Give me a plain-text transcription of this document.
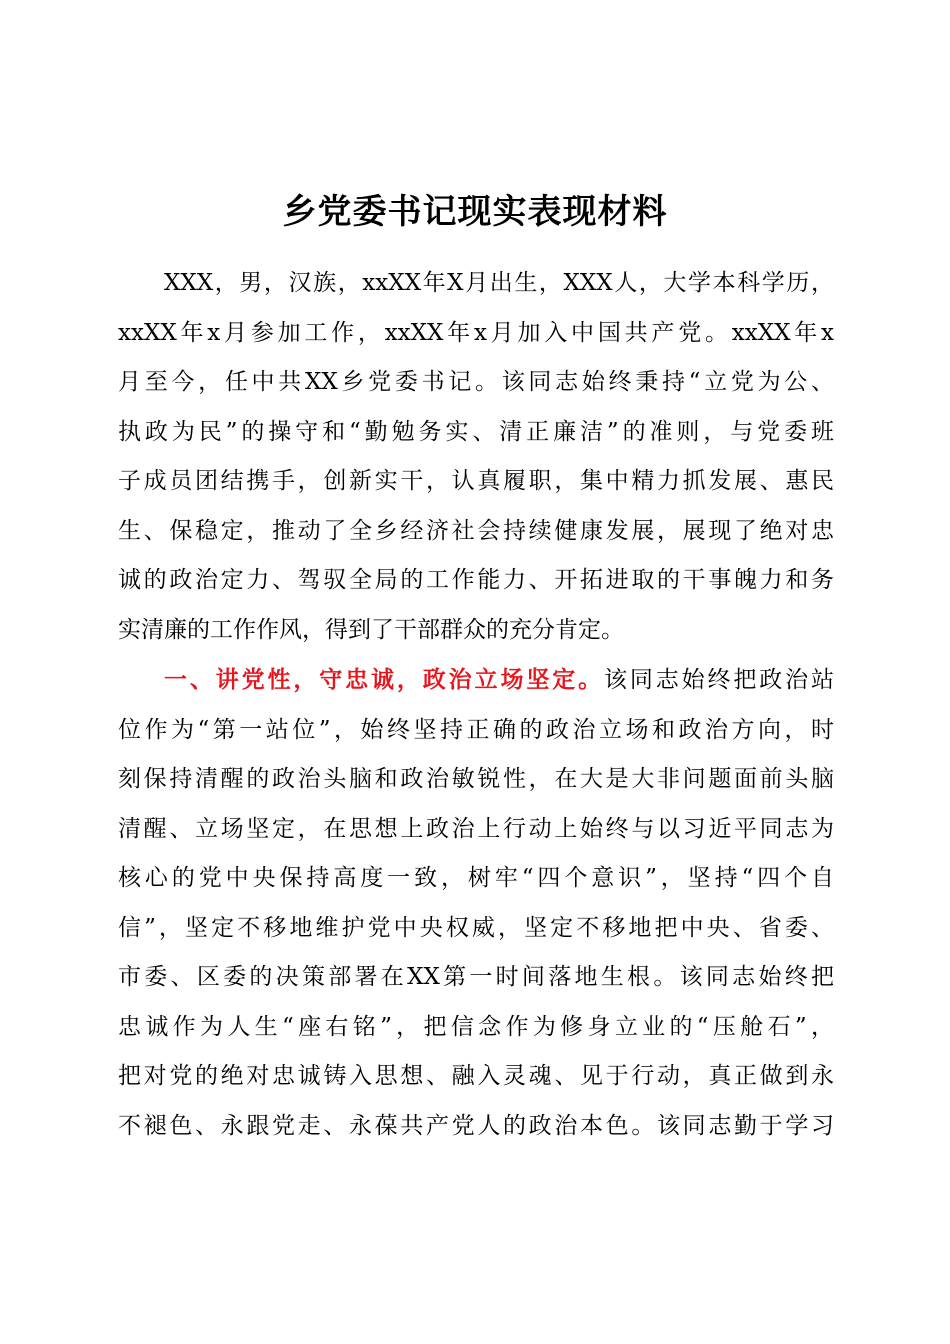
乡党委书记现实表现材料
XXX，男，汉族，xxXX年X月出生，XXX人，大学本科学历，
xxXX年x月参加工作，xxXX年x月加入中国共产党。xxXX年x
月至今，任中共XX乡党委书记。该同志始终秉持“立党为公、
执政为民”的操守和“勤勉务实、清正廉洁”的准则，与党委班
子成员团结携手，创新实干，认真履职，集中精力抓发展、惠民
生、保稳定，推动了全乡经济社会持续健康发展，展现了绝对忠
诚的政治定力、驾驭全局的工作能力、开拓进取的干事魄力和务
实清廉的工作作风，得到了干部群众的充分肯定。
一、讲党性，守忠诚，政治立场坚定。该同志始终把政治站
位作为“第一站位”，始终坚持正确的政治立场和政治方向，时
刻保持清醒的政治头脑和政治敏锐性，在大是大非问题面前头脑
清醒、立场坚定，在思想上政治上行动上始终与以习近平同志为
核心的党中央保持高度一致，树牢“四个意识”，坚持“四个自
信”，坚定不移地维护党中央权威，坚定不移地把中央、省委、
市委、区委的决策部署在XX第一时间落地生根。该同志始终把
忠诚作为人生“座右铭”，把信念作为修身立业的“压舱石”，
把对党的绝对忠诚铸入思想、融入灵魂、见于行动，真正做到永
不褪色、永跟党走、永葆共产党人的政治本色。该同志勤于学习
